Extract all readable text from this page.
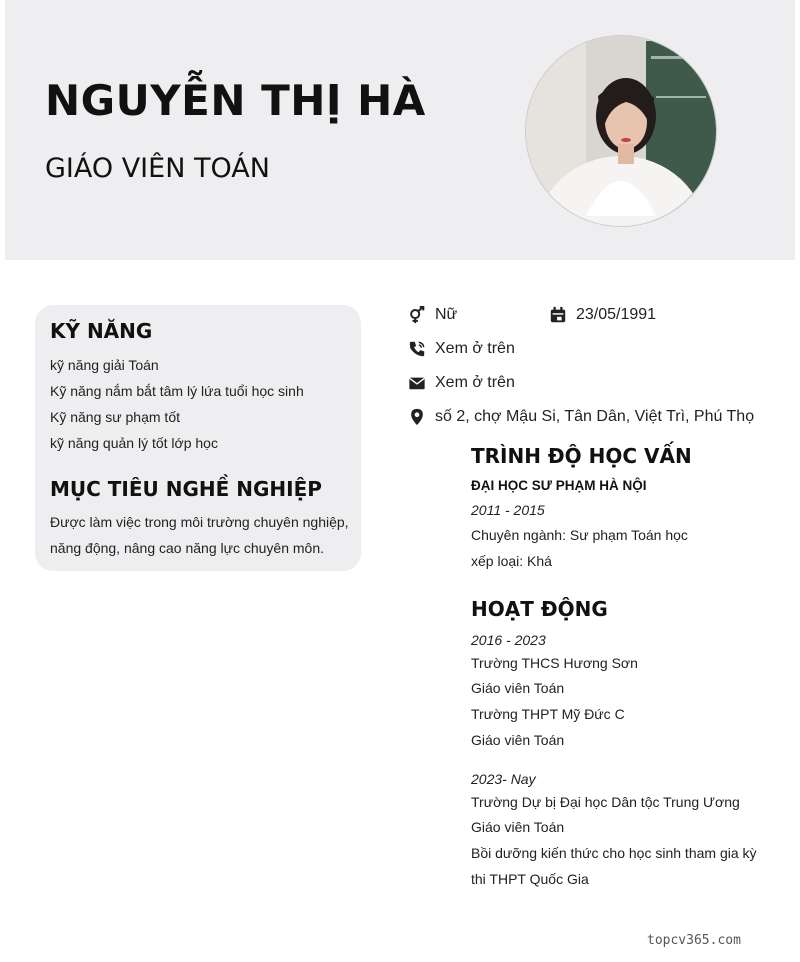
NGUYỄN THỊ HÀ
GIÁO VIÊN TOÁN
KỸ NĂNG
kỹ năng giải Toán
Kỹ năng nắm bắt tâm lý lứa tuổi học sinh
Kỹ năng sư phạm tốt
kỹ năng quản lý tốt lớp học
MỤC TIÊU NGHỀ NGHIỆP

Được làm việc trong môi trường chuyên nghiệp, năng động, nâng cao năng lực chuyên môn.

Nữ	23/05/1991
Xem ở trên
Xem ở trên
số 2, chợ Mậu Si, Tân Dân, Việt Trì, Phú Thọ
TRÌNH ĐỘ HỌC VẤN
ĐẠI HỌC SƯ PHẠM HÀ NỘI
2011 - 2015
Chuyên ngành: Sư phạm Toán học
xếp loại: Khá
HOẠT ĐỘNG
2016 - 2023
Trường THCS Hương Sơn
Giáo viên Toán
Trường THPT Mỹ Đức C
Giáo viên Toán
2023- Nay
Trường Dự bị Đại học Dân tộc Trung Ương
Giáo viên Toán
Bồi dưỡng kiến thức cho học sinh tham gia kỳ
thi THPT Quốc Gia
topcv365.com
